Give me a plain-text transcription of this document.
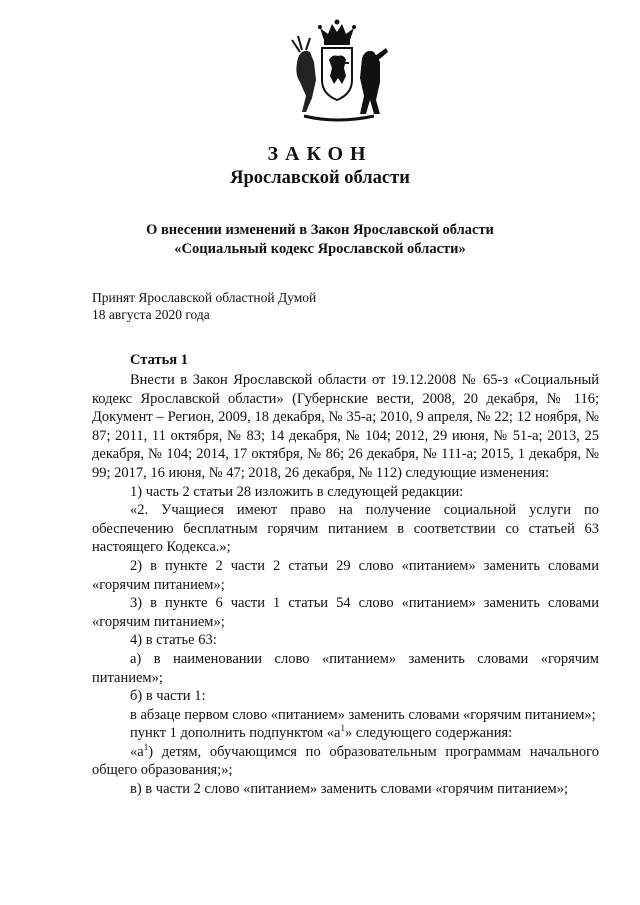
ЗАКОН
Ярославской области
О внесении изменений в Закон Ярославской области
«Социальный кодекс Ярославской области»
Принят Ярославской областной Думой
18 августа 2020 года
Статья 1

Внести в Закон Ярославской области от 19.12.2008 № 65-з «Социальный кодекс Ярославской области» (Губернские вести, 2008, 20 декабря, № 116; Документ – Регион, 2009, 18 декабря, № 35-а; 2010, 9 апреля, № 22; 12 ноября, № 87; 2011, 11 октября, № 83; 14 декабря, № 104; 2012, 29 июня, № 51-а; 2013, 25 декабря, № 104; 2014, 17 октября, № 86; 26 декабря, № 111-а; 2015, 1 декабря, № 99; 2017, 16 июня, № 47; 2018, 26 декабря, № 112) следующие изменения:

1) часть 2 статьи 28 изложить в следующей редакции:

«2. Учащиеся имеют право на получение социальной услуги по обеспечению бесплатным горячим питанием в соответствии со статьей 63 настоящего Кодекса.»;

2) в пункте 2 части 2 статьи 29 слово «питанием» заменить словами «горячим питанием»;

3) в пункте 6 части 1 статьи 54 слово «питанием» заменить словами «горячим питанием»;

4) в статье 63:

а) в наименовании слово «питанием» заменить словами «горячим питанием»;

б) в части 1:

в абзаце первом слово «питанием» заменить словами «горячим питанием»;

пункт 1 дополнить подпунктом «$а^1$» следующего содержания:

«$а^1$) детям, обучающимся по образовательным программам начального общего образования;»;

в) в части 2 слово «питанием» заменить словами «горячим питанием»;
